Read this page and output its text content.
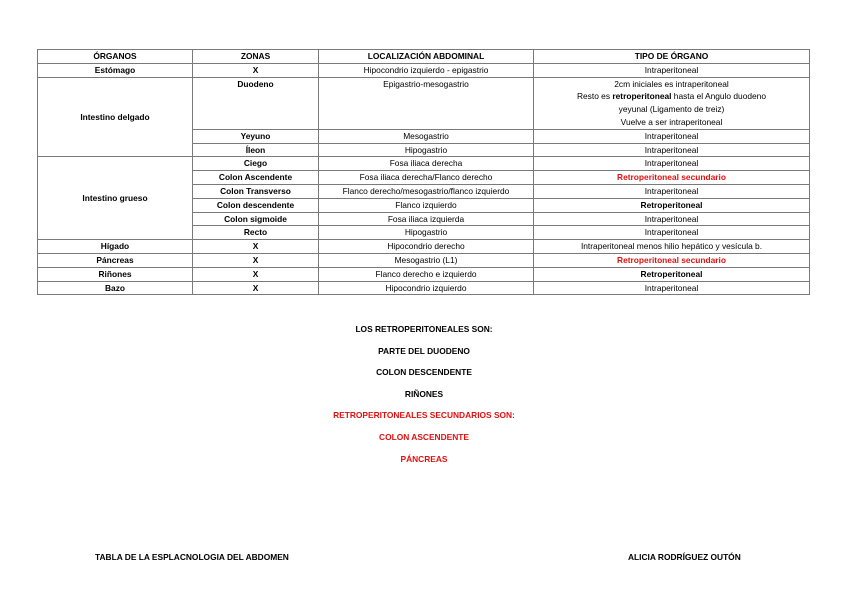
ÓRGANOS	ZONAS	LOCALIZACIÓN ABDOMINAL	TIPO DE ÓRGANO
Estómago	X	Hipocondrio izquierdo - epigastrio	Intraperitoneal
Intestino delgado	Duodeno	Epigastrio-mesogastrio	2cm iniciales es intraperitoneal
Resto es retroperitoneal hasta el Angulo duodeno
yeyunal (Ligamento de treiz)
Vuelve a ser intraperitoneal

	Yeyuno	Mesogastrio	Intraperitoneal
	Íleon	Hipogastrio	Intraperitoneal
Intestino grueso	Ciego	Fosa iliaca derecha	Intraperitoneal
	Colon Ascendente	Fosa iliaca derecha/Flanco derecho	Retroperitoneal secundario
	Colon Transverso	Flanco derecho/mesogastrio/flanco izquierdo	Intraperitoneal
	Colon descendente	Flanco izquierdo	Retroperitoneal
	Colon sigmoide	Fosa iliaca izquierda	Intraperitoneal
	Recto	Hipogastrio	Intraperitoneal
Hígado	X	Hipocondrio derecho	Intraperitoneal menos hilio hepático y vesícula b.
Páncreas	X	Mesogastrio (L1)	Retroperitoneal secundario
Riñones	X	Flanco derecho e izquierdo	Retroperitoneal
Bazo	X	Hipocondrio izquierdo	Intraperitoneal
LOS RETROPERITONEALES SON:
PARTE DEL DUODENO
COLON DESCENDENTE
RIÑONES
RETROPERITONEALES SECUNDARIOS SON:
COLON ASCENDENTE
PÁNCREAS
TABLA DE LA ESPLACNOLOGIA DEL ABDOMEN	ALICIA RODRÍGUEZ OUTÓN
